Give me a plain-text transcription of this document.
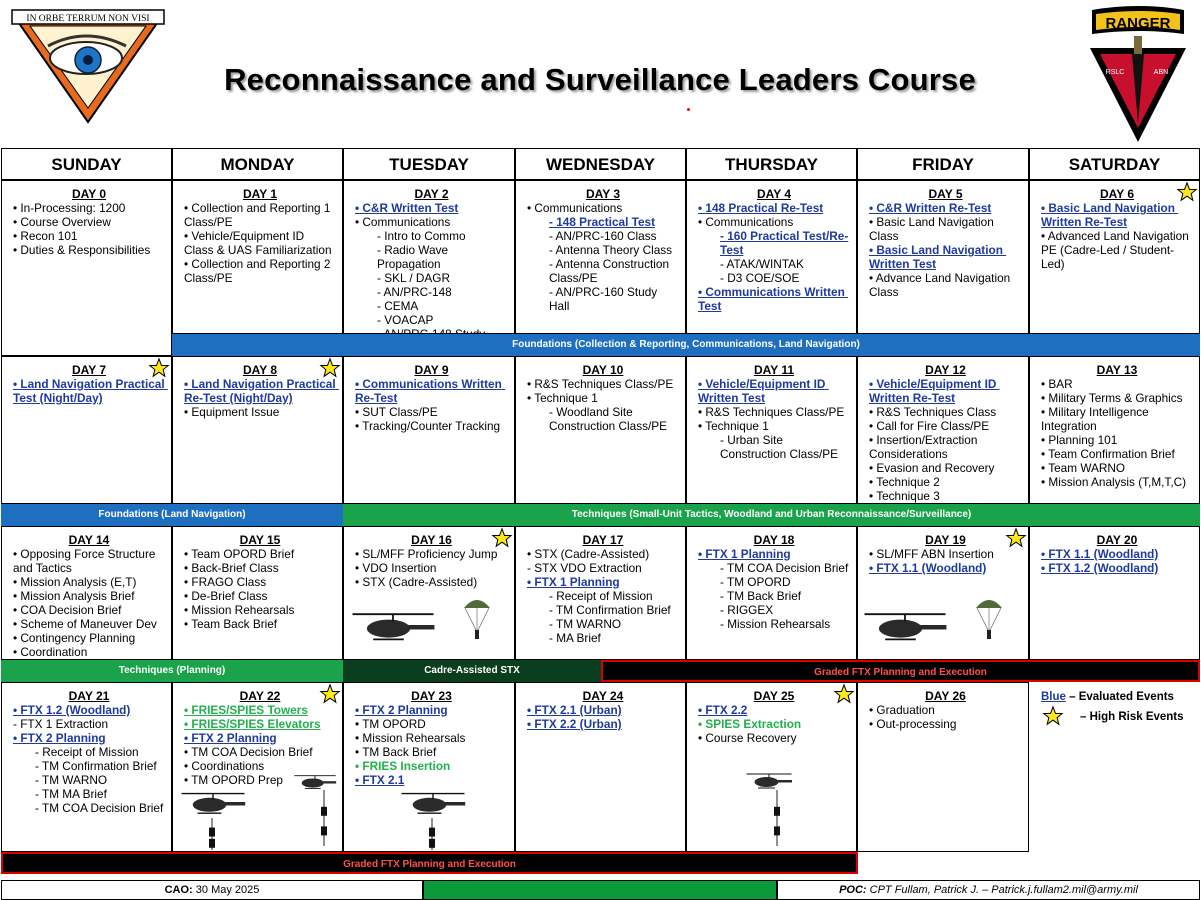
IN ORBE TERRUM NON VISI
Reconnaissance and Surveillance Leaders Course
RANGER
RSLC	ABN
SUNDAY	MONDAY	TUESDAY	WEDNESDAY	THURSDAY	FRIDAY	SATURDAY
DAY 0
• In-Processing: 1200
• Course Overview
• Recon 101
• Duties & Responsibilities
DAY 1
• Collection and Reporting 1 Class/PE
• Vehicle/Equipment ID Class & UAS Familiarization
• Collection and Reporting 2 Class/PE
DAY 2
• C&R Written Test
• Communications
- Intro to Commo
- Radio Wave Propagation
- SKL / DAGR
- AN/PRC-148
- CEMA
- VOACAP
DAY 3
• Communications
- 148 Practical Test
- AN/PRC-160 Class
- Antenna Theory Class
- Antenna Construction Class/PE
- AN/PRC-160 Study Hall
DAY 4
• 148 Practical Re-Test
• Communications
- 160 Practical Test/Re-Test
- ATAK/WINTAK
- D3 COE/SOE
• Communications Written Test
DAY 5
• C&R Written Re-Test
• Basic Land Navigation Class
• Basic Land Navigation Written Test
• Advance Land Navigation Class
DAY 6
• Basic Land Navigation Written Re-Test
• Advanced Land Navigation PE (Cadre-Led / Student-Led)
DAY 7
• Land Navigation Practical Test (Night/Day)
DAY 8
• Land Navigation Practical Re-Test (Night/Day)
• Equipment Issue
DAY 9
• Communications Written Re-Test
• SUT Class/PE
• Tracking/Counter Tracking
DAY 10
• R&S Techniques Class/PE
• Technique 1
- Woodland Site Construction Class/PE
DAY 11
• Vehicle/Equipment ID Written Test
• R&S Techniques Class/PE
• Technique 1
- Urban Site Construction Class/PE
DAY 12
• Vehicle/Equipment ID Written Re-Test
• R&S Techniques Class
• Call for Fire Class/PE
• Insertion/Extraction Considerations
• Evasion and Recovery
• Technique 2
• Technique 3
DAY 13
• BAR
• Military Terms & Graphics
• Military Intelligence Integration
• Planning 101
• Team Confirmation Brief
• Team WARNO
• Mission Analysis (T,M,T,C)
DAY 14
• Opposing Force Structure and Tactics
• Mission Analysis (E,T)
• Mission Analysis Brief
• COA Decision Brief
• Scheme of Maneuver Dev
• Contingency Planning
• Coordination
DAY 15
• Team OPORD Brief
• Back-Brief Class
• FRAGO Class
• De-Brief Class
• Mission Rehearsals
• Team Back Brief
DAY 16
• SL/MFF Proficiency Jump
• VDO Insertion
• STX (Cadre-Assisted)
DAY 17
• STX (Cadre-Assisted)
- STX VDO Extraction
• FTX 1 Planning
- Receipt of Mission
- TM Confirmation Brief
- TM WARNO
- MA Brief
DAY 18
• FTX 1 Planning
- TM COA Decision Brief
- TM OPORD
- TM Back Brief
- RIGGEX
- Mission Rehearsals
DAY 19
• SL/MFF ABN Insertion
• FTX 1.1 (Woodland)
DAY 20
• FTX 1.1 (Woodland)
• FTX 1.2 (Woodland)
DAY 21
• FTX 1.2 (Woodland)
- FTX 1 Extraction
• FTX 2 Planning
- Receipt of Mission
- TM Confirmation Brief
- TM WARNO
- TM MA Brief
- TM COA Decision Brief
DAY 22
• FRIES/SPIES Towers
• FRIES/SPIES Elevators
• FTX 2 Planning
• TM COA Decision Brief
• Coordinations
• TM OPORD Prep
DAY 23
• FTX 2 Planning
• TM OPORD
• Mission Rehearsals
• TM Back Brief
• FRIES Insertion
• FTX 2.1
DAY 24
• FTX 2.1 (Urban)
• FTX 2.2 (Urban)
DAY 25
• FTX 2.2
• SPIES Extraction
• Course Recovery
DAY 26
• Graduation
• Out-processing
Foundations (Collection & Reporting, Communications, Land Navigation)
Foundations (Land Navigation)	Techniques (Small-Unit Tactics, Woodland and Urban Reconnaissance/Surveillance)
Techniques (Planning)	Cadre-Assisted STX	Graded FTX Planning and Execution
Graded FTX Planning and Execution
Blue – Evaluated Events
– High Risk Events
CAO: 30 May 2025	POC: CPT Fullam, Patrick J. – Patrick.j.fullam2.mil@army.mil
